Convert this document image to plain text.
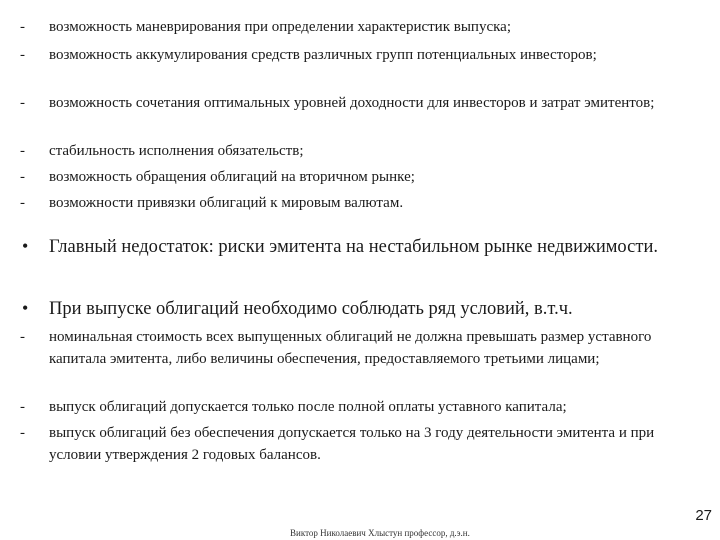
- возможность маневрирования при определении характеристик выпуска;
- возможность аккумулирования средств различных групп потенциальных инвесторов;
- возможность сочетания оптимальных уровней доходности для инвесторов и затрат эмитентов;
- стабильность исполнения обязательств;
- возможность обращения облигаций на вторичном рынке;
- возможности привязки облигаций к мировым валютам.
• Главный недостаток: риски эмитента на нестабильном рынке недвижимости.
• При выпуске облигаций необходимо соблюдать ряд условий, в.т.ч.
- номинальная стоимость всех выпущенных облигаций не должна превышать размер уставного капитала эмитента, либо величины обеспечения, предоставляемого третьими лицами;
- выпуск облигаций допускается только после полной оплаты уставного капитала;
- выпуск облигаций без обеспечения допускается только на 3 году деятельности эмитента и при условии утверждения 2 годовых балансов.
27
Виктор Николаевич Хлыстун профессор, д.э.н.
